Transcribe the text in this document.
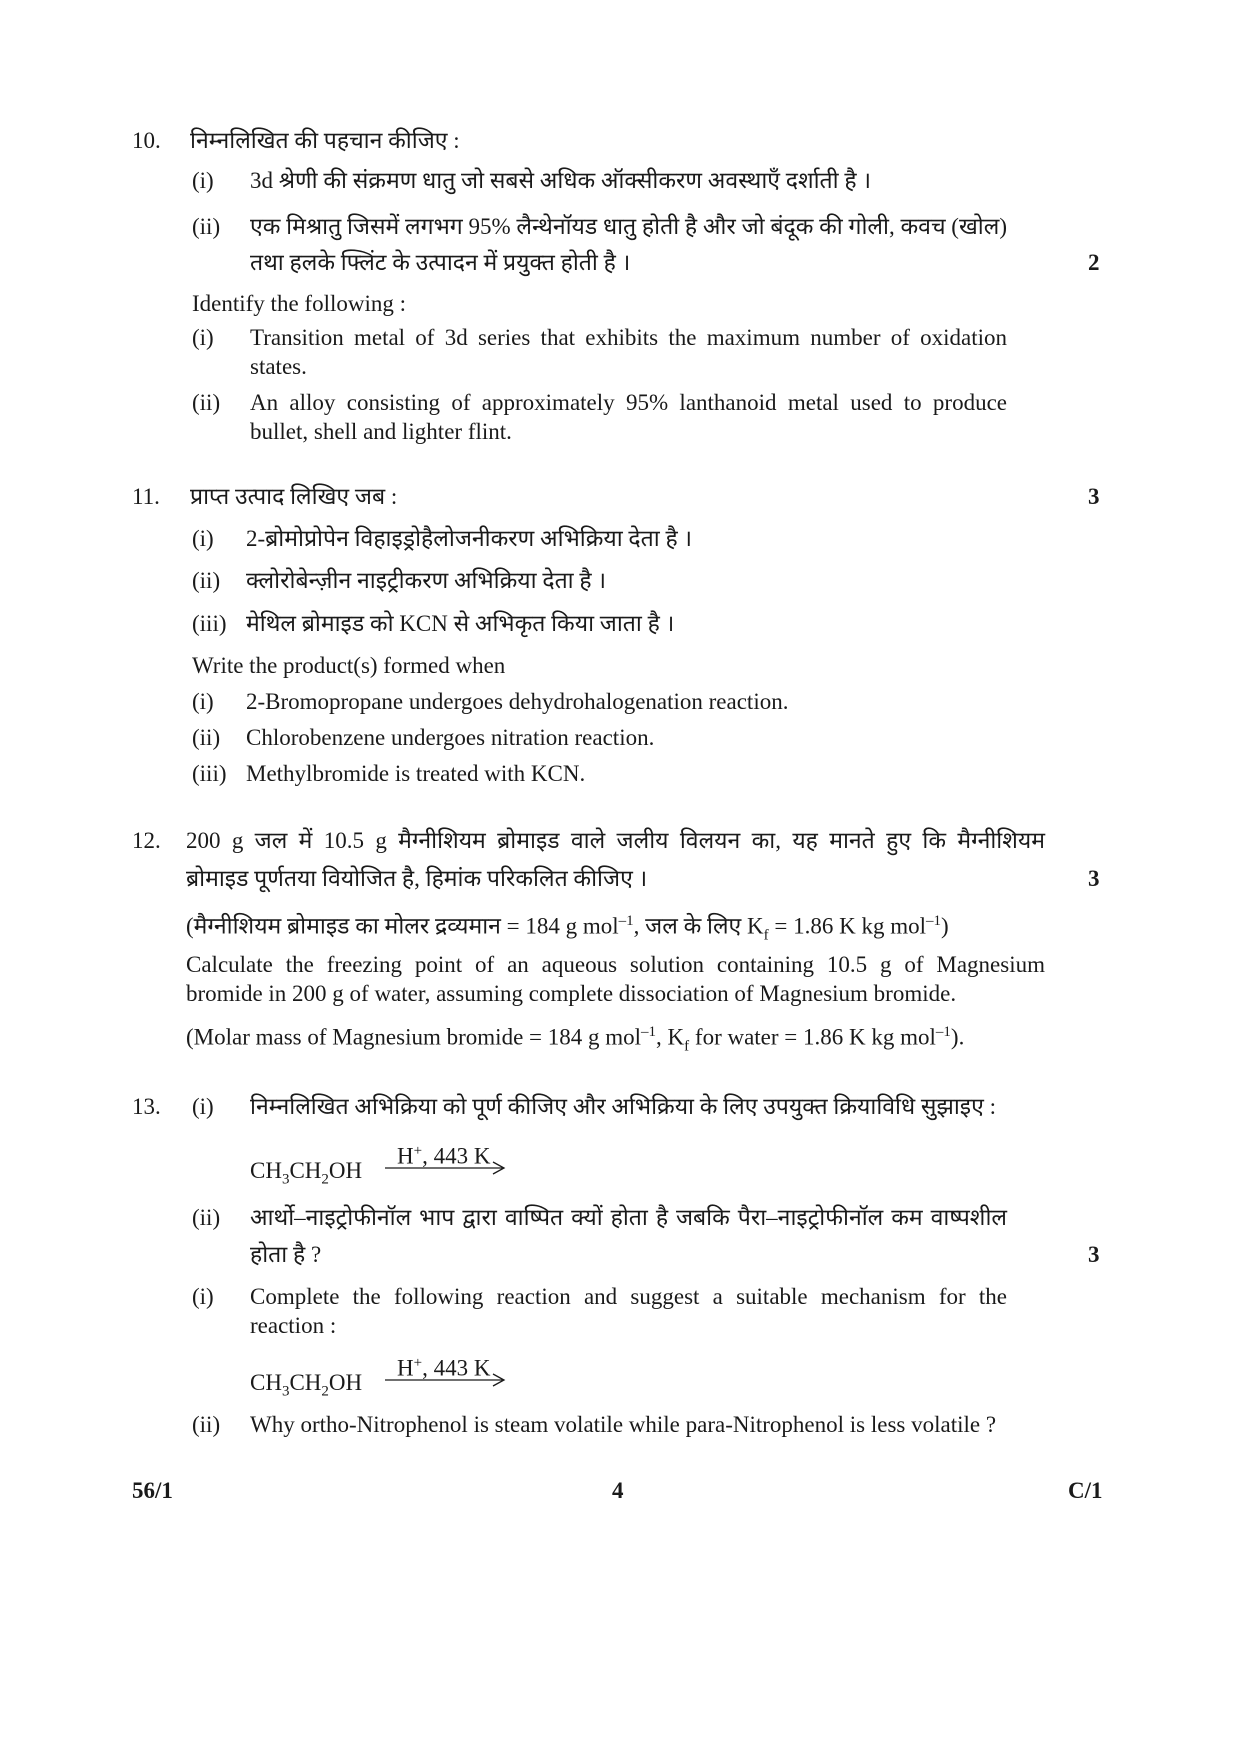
10. निम्नलिखित की पहचान कीजिए :
(i) 3d श्रेणी की संक्रमण धातु जो सबसे अधिक ऑक्सीकरण अवस्थाएँ दर्शाती है ।
(ii) एक मिश्रातु जिसमें लगभग 95% लैन्थेनॉयड धातु होती है और जो बंदूक की गोली, कवच (खोल)
तथा हलके फ्लिंट के उत्पादन में प्रयुक्त होती है ।	2
Identify the following :
(i) Transition metal of 3d series that exhibits the maximum number of oxidation
states.
(ii) An alloy consisting of approximately 95% lanthanoid metal used to produce
bullet, shell and lighter flint.
11. प्राप्त उत्पाद लिखिए जब :	3
(i) 2-ब्रोमोप्रोपेन विहाइड्रोहैलोजनीकरण अभिक्रिया देता है ।
(ii) क्लोरोबेन्ज़ीन नाइट्रीकरण अभिक्रिया देता है ।
(iii) मेथिल ब्रोमाइड को KCN से अभिकृत किया जाता है ।
Write the product(s) formed when
(i) 2-Bromopropane undergoes dehydrohalogenation reaction.
(ii) Chlorobenzene undergoes nitration reaction.
(iii) Methylbromide is treated with KCN.
12. 200 g जल में 10.5 g मैग्नीशियम ब्रोमाइड वाले जलीय विलयन का, यह मानते हुए कि मैग्नीशियम
ब्रोमाइड पूर्णतया वियोजित है, हिमांक परिकलित कीजिए ।	3
(मैग्नीशियम ब्रोमाइड का मोलर द्रव्यमान = 184 g mol$^{-1}$, जल के लिए $K_f = 1.86$ K kg mol$^{-1}$)
Calculate the freezing point of an aqueous solution containing 10.5 g of Magnesium
bromide in 200 g of water, assuming complete dissociation of Magnesium bromide.
(Molar mass of Magnesium bromide = 184 g mol$^{-1}$, $K_f$ for water = 1.86 K kg mol$^{-1}$).
13. (i) निम्नलिखित अभिक्रिया को पूर्ण कीजिए और अभिक्रिया के लिए उपयुक्त क्रियाविधि सुझाइए :
H+, 443 K
$CH_3CH_2OH$
(ii) आर्थो–नाइट्रोफीनॉल भाप द्वारा वाष्पित क्यों होता है जबकि पैरा–नाइट्रोफीनॉल कम वाष्पशील
होता है ?	3
(i) Complete the following reaction and suggest a suitable mechanism for the
reaction :
H+, 443 K
$CH_3CH_2OH$
(ii) Why ortho-Nitrophenol is steam volatile while para-Nitrophenol is less volatile ?
56/1	4	C/1
